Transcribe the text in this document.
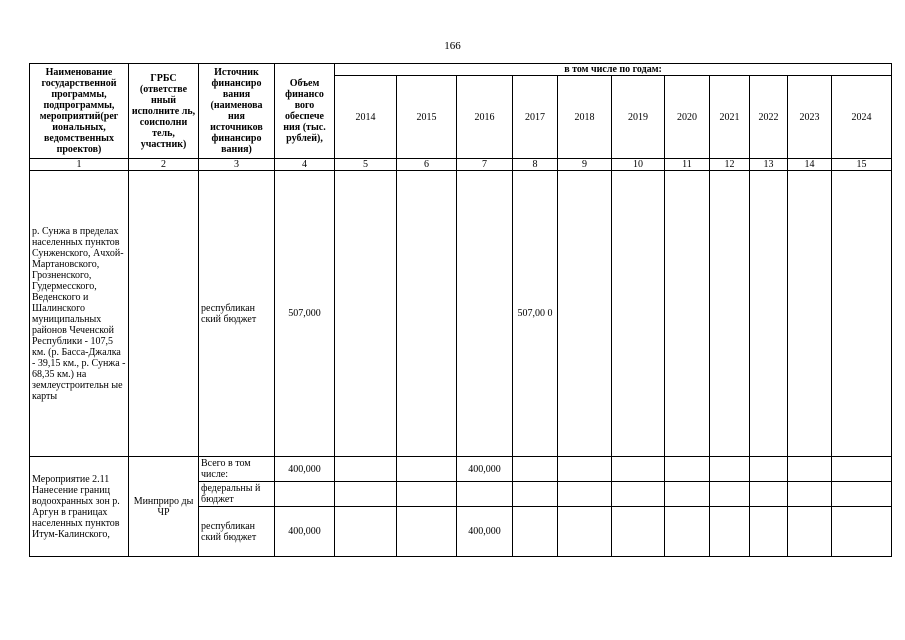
166
Наименование государственной программы, подпрограммы, мероприятий(рег иональных, ведомственных проектов)	ГРБС (ответстве нный исполните ль, соисполни тель, участник)	Источник финансиро вания (наименова ния источников финансиро вания)	Объем финансо вого обеспече ния (тыс. рублей),	в том числе по годам:										
				2014	2015	2016	2017	2018	2019	2020	2021	2022	2023	2024
1	2	3	4	5	6	7	8	9	10	11	12	13	14	15
р. Сунжа в пределах населенных пунктов Сунженского, Ачхой-Мартановского, Грозненского, Гудермесского, Веденского и Шалинского муниципальных районов Чеченской Республики - 107,5 км. (р. Басса-Джалка - 39,15 км., р. Сунжа - 68,35 км.) на землеустроительн ые карты		республикан ский бюджет	507,000				507,00 0							
Мероприятие 2.11 Нанесение границ водоохранных зон р. Аргун в границах населенных пунктов Итум-Калинского,	Минприро ды ЧР	Всего в том числе:	400,000			400,000								
		федеральны й бюджет												
		республикан ский бюджет	400,000			400,000								
